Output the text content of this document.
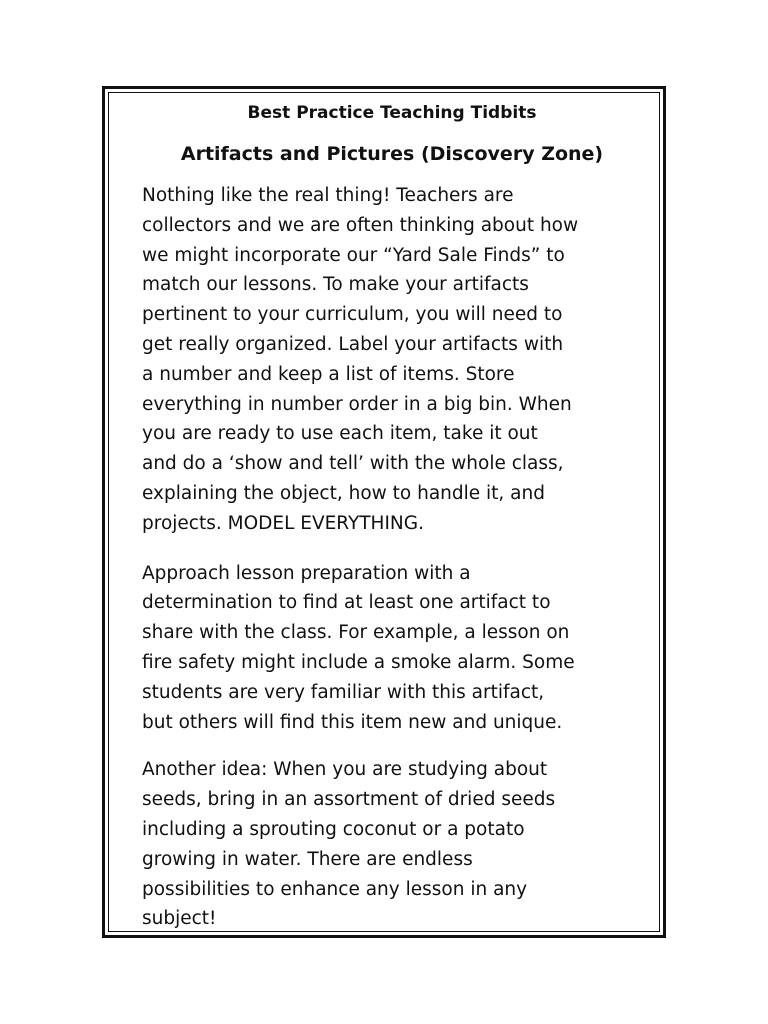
Best Practice Teaching Tidbits
Artifacts and Pictures (Discovery Zone)

Nothing like the real thing! Teachers are
collectors and we are often thinking about how
we might incorporate our “Yard Sale Finds” to
match our lessons. To make your artifacts
pertinent to your curriculum, you will need to
get really organized. Label your artifacts with
a number and keep a list of items. Store
everything in number order in a big bin. When
you are ready to use each item, take it out
and do a ‘show and tell’ with the whole class,
explaining the object, how to handle it, and
projects. MODEL EVERYTHING.

Approach lesson preparation with a
determination to find at least one artifact to
share with the class. For example, a lesson on
fire safety might include a smoke alarm. Some
students are very familiar with this artifact,
but others will find this item new and unique.

Another idea: When you are studying about
seeds, bring in an assortment of dried seeds
including a sprouting coconut or a potato
growing in water. There are endless
possibilities to enhance any lesson in any
subject!
